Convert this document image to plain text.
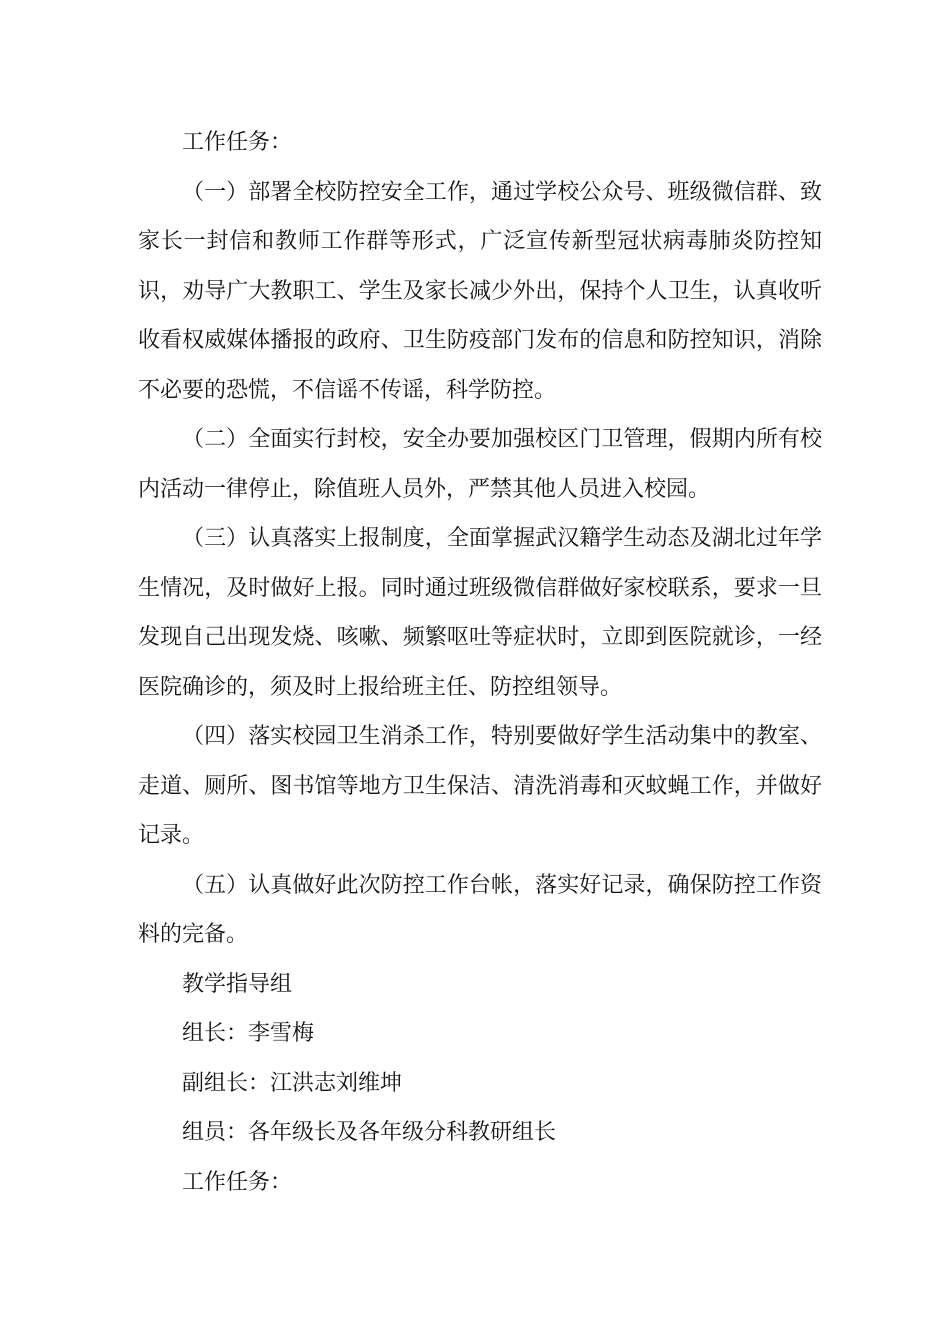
工作任务：

（一）部署全校防控安全工作，通过学校公众号、班级微信群、致家长一封信和教师工作群等形式，广泛宣传新型冠状病毒肺炎防控知识，劝导广大教职工、学生及家长减少外出，保持个人卫生，认真收听收看权威媒体播报的政府、卫生防疫部门发布的信息和防控知识，消除不必要的恐慌，不信谣不传谣，科学防控。

（二）全面实行封校，安全办要加强校区门卫管理，假期内所有校内活动一律停止，除值班人员外，严禁其他人员进入校园。

（三）认真落实上报制度，全面掌握武汉籍学生动态及湖北过年学生情况，及时做好上报。同时通过班级微信群做好家校联系，要求一旦发现自己出现发烧、咳嗽、频繁呕吐等症状时，立即到医院就诊，一经医院确诊的，须及时上报给班主任、防控组领导。

（四）落实校园卫生消杀工作，特别要做好学生活动集中的教室、走道、厕所、图书馆等地方卫生保洁、清洗消毒和灭蚊蝇工作，并做好记录。

（五）认真做好此次防控工作台帐，落实好记录，确保防控工作资料的完备。

教学指导组

组长：李雪梅

副组长：江洪志刘维坤

组员：各年级长及各年级分科教研组长

工作任务：
